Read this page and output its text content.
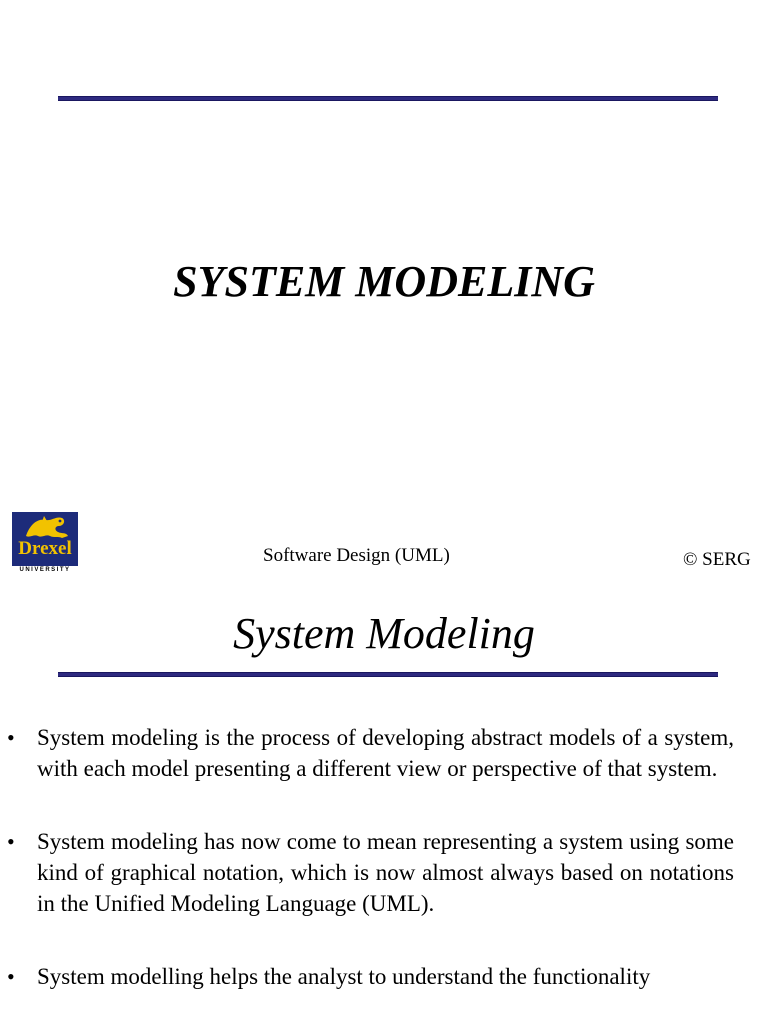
SYSTEM MODELING
Drexel
UNIVERSITY
Software Design (UML)	© SERG
System Modeling
• System modeling is the process of developing abstract models of a system, with each model presenting a different view or perspective of that system.
• System modeling has now come to mean representing a system using some kind of graphical notation, which is now almost always based on notations in the Unified Modeling Language (UML).
• System modelling helps the analyst to understand the functionality
